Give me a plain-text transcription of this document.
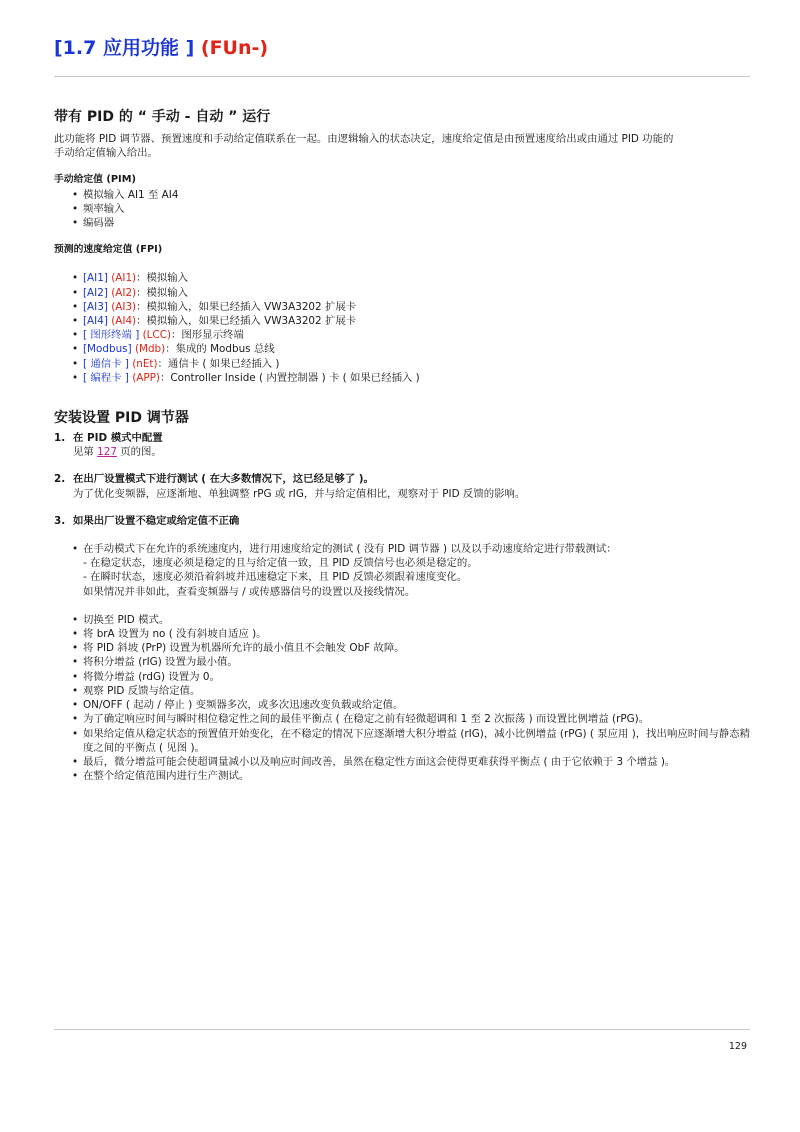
[1.7 应用功能 ] (FUn-)
带有 PID 的 “ 手动 - 自动 ” 运行

此功能将 PID 调节器、预置速度和手动给定值联系在一起。由逻辑输入的状态决定，速度给定值是由预置速度给出或由通过 PID 功能的

手动给定值输入给出。

手动给定值 (PIM)

• 模拟输入 AI1 至 AI4
• 频率输入
• 编码器

预测的速度给定值 (FPI)

• [AI1] (AI1)：模拟输入
• [AI2] (AI2)：模拟输入
• [AI3] (AI3)：模拟输入，如果已经插入 VW3A3202 扩展卡
• [AI4] (AI4)：模拟输入，如果已经插入 VW3A3202 扩展卡
• [ 图形终端 ] (LCC)：图形显示终端
• [Modbus] (Mdb)：集成的 Modbus 总线
• [ 通信卡 ] (nEt)：通信卡 ( 如果已经插入 )
• [ 编程卡 ] (APP)：Controller Inside ( 内置控制器 ) 卡 ( 如果已经插入 )
安装设置 PID 调节器
1. 在 PID 模式中配置
见第 127 页的图。
2. 在出厂设置模式下进行测试 ( 在大多数情况下，这已经足够了 )。
为了优化变频器，应逐渐地、单独调整 rPG 或 rIG，并与给定值相比，观察对于 PID 反馈的影响。
3. 如果出厂设置不稳定或给定值不正确
• 在手动模式下在允许的系统速度内，进行用速度给定的测试 ( 没有 PID 调节器 ) 以及以手动速度给定进行带载测试：
- 在稳定状态，速度必须是稳定的且与给定值一致，且 PID 反馈信号也必须是稳定的。
- 在瞬时状态，速度必须沿着斜坡并迅速稳定下来，且 PID 反馈必须跟着速度变化。
如果情况并非如此，查看变频器与 / 或传感器信号的设置以及接线情况。
• 切换至 PID 模式。
• 将 brA 设置为 no ( 没有斜坡自适应 )。
• 将 PID 斜坡 (PrP) 设置为机器所允许的最小值且不会触发 ObF 故障。
• 将积分增益 (rIG) 设置为最小值。
• 将微分增益 (rdG) 设置为 0。
• 观察 PID 反馈与给定值。
• ON/OFF ( 起动 / 停止 ) 变频器多次，或多次迅速改变负载或给定值。
• 为了确定响应时间与瞬时相位稳定性之间的最佳平衡点 ( 在稳定之前有轻微超调和 1 至 2 次振荡 ) 而设置比例增益 (rPG)。
• 如果给定值从稳定状态的预置值开始变化，在不稳定的情况下应逐渐增大积分增益 (rIG)，减小比例增益 (rPG) ( 泵应用 )，找出响应时间与静态精度之间的平衡点 ( 见图 )。
• 最后，微分增益可能会使超调量减小以及响应时间改善，虽然在稳定性方面这会使得更难获得平衡点 ( 由于它依赖于 3 个增益 )。
• 在整个给定值范围内进行生产测试。
129
